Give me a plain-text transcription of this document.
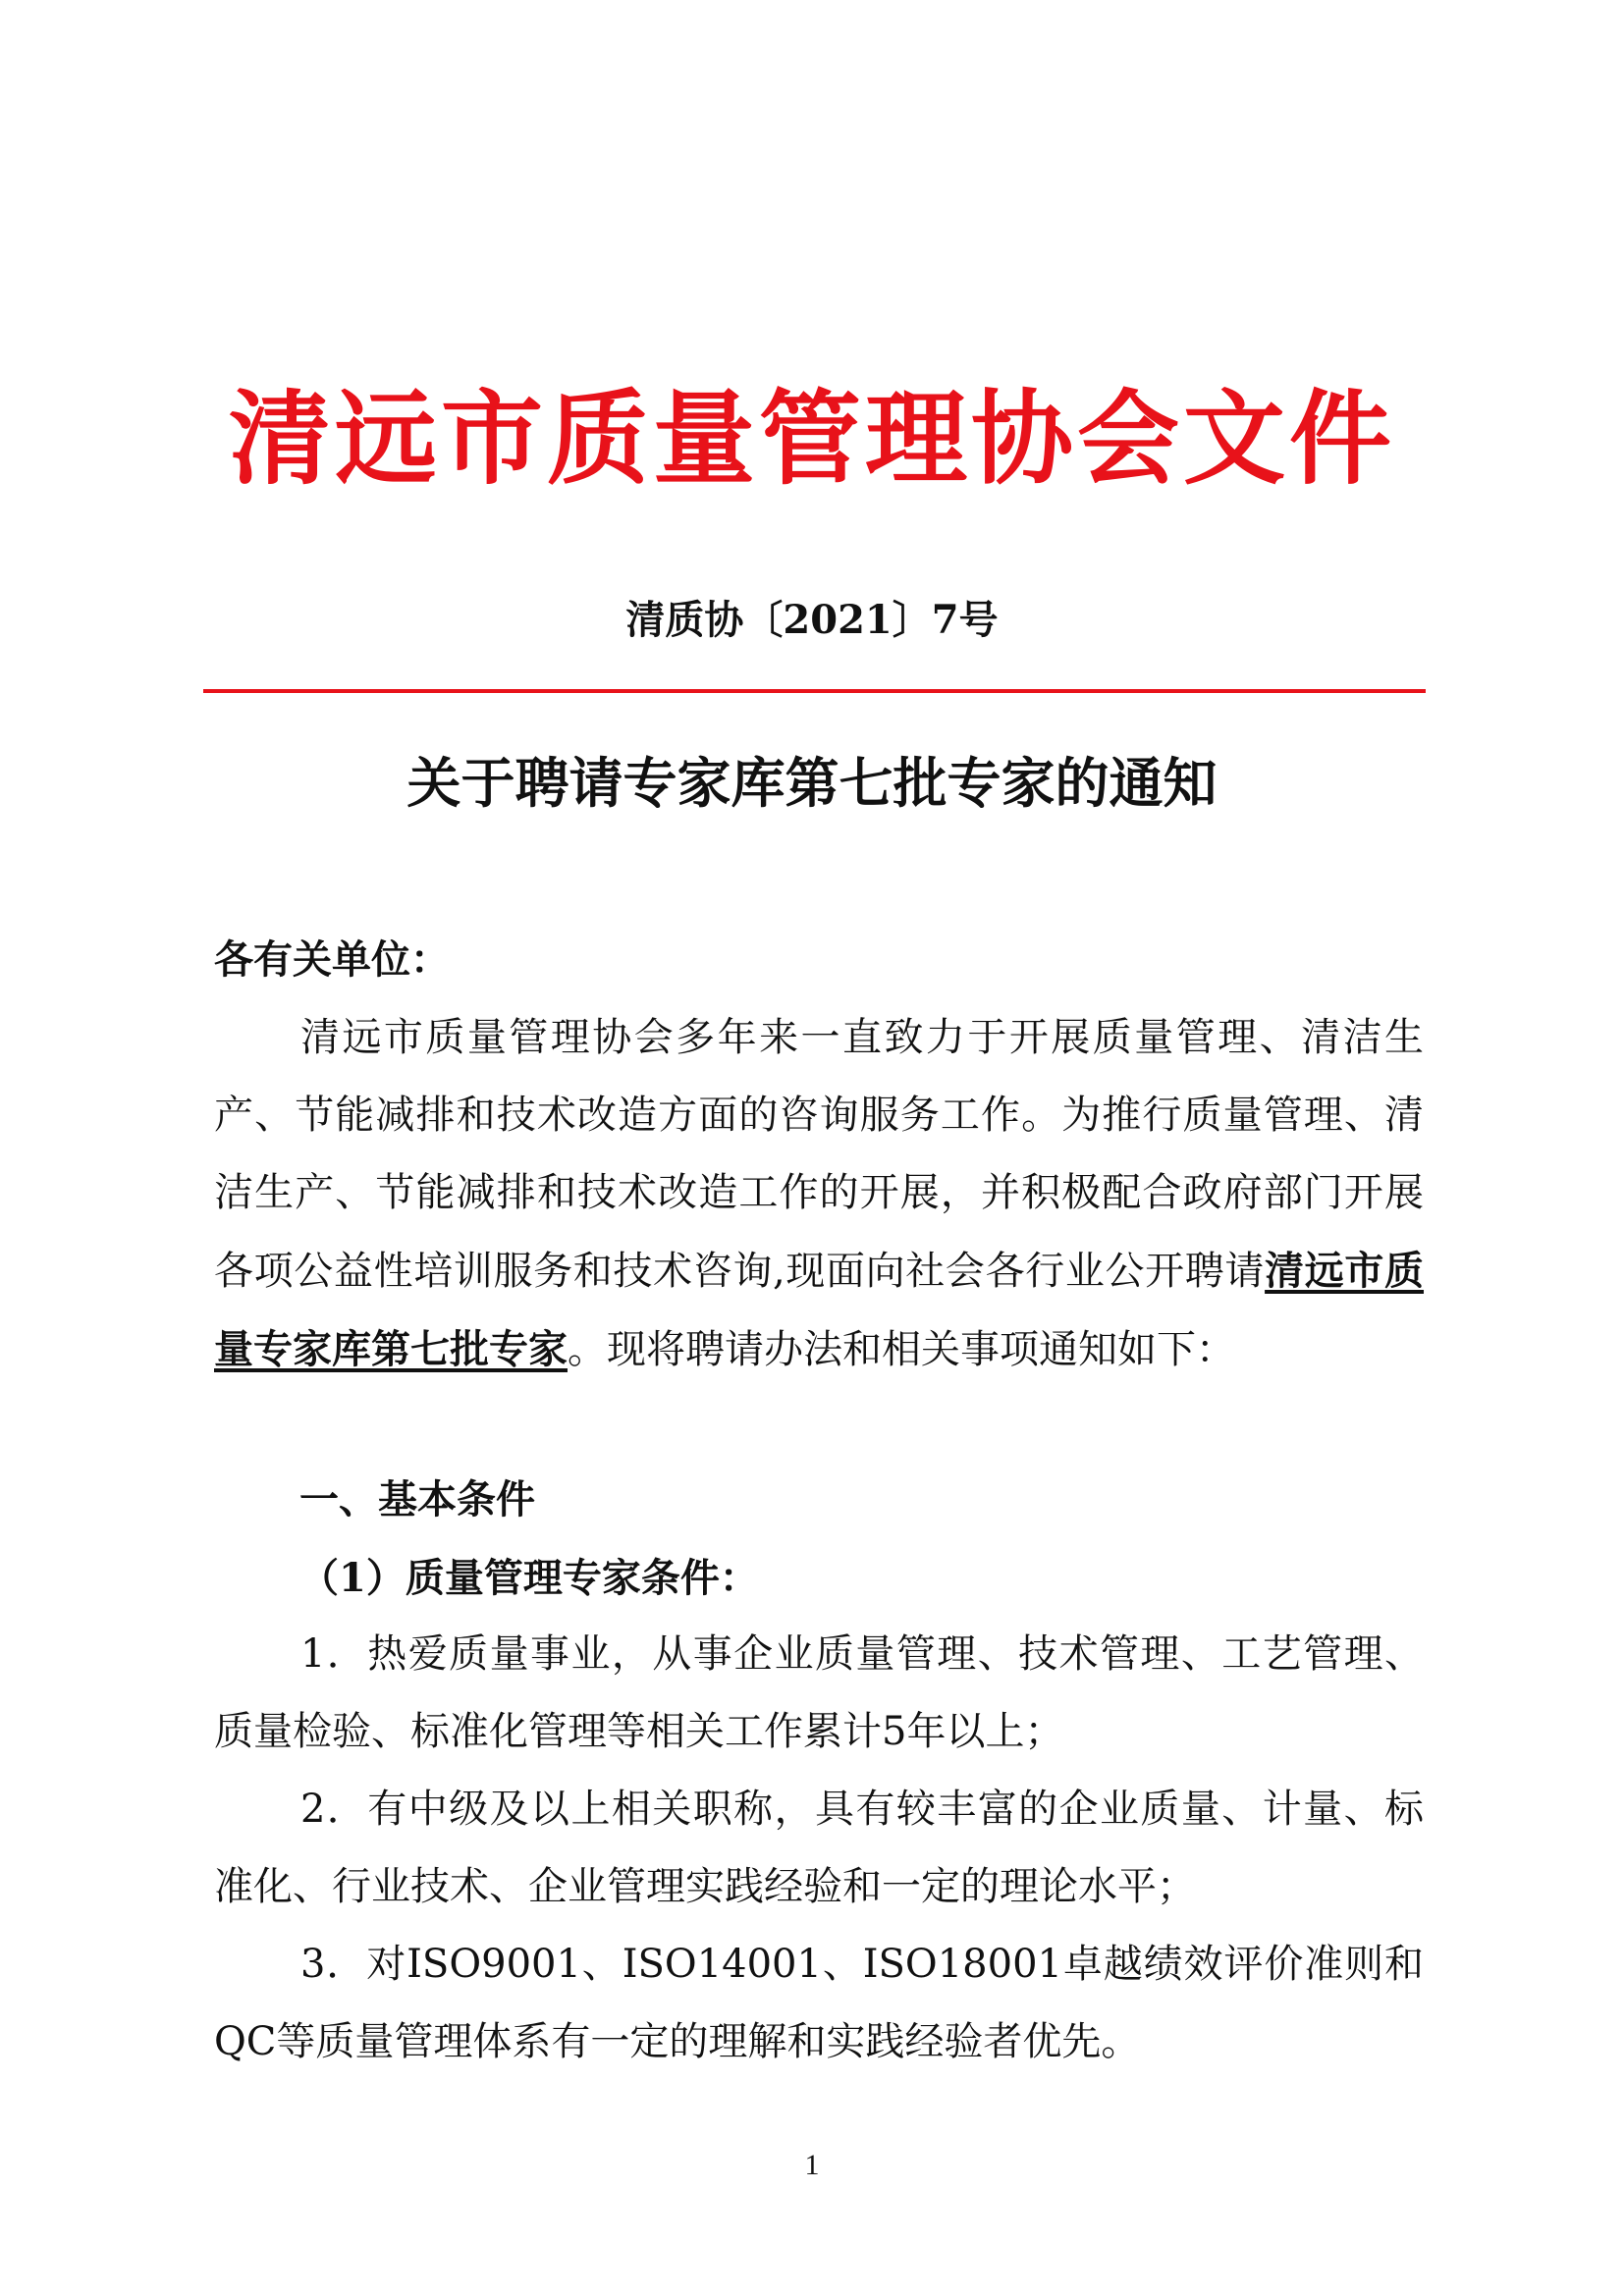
清远市质量管理协会文件
清质协〔2021〕7号
关于聘请专家库第七批专家的通知
各有关单位：
清远市质量管理协会多年来一直致力于开展质量管理、清洁生产、节能减排和技术改造方面的咨询服务工作。为推行质量管理、清洁生产、节能减排和技术改造工作的开展，并积极配合政府部门开展各项公益性培训服务和技术咨询,现面向社会各行业公开聘请清远市质量专家库第七批专家。现将聘请办法和相关事项通知如下：
一、基本条件
（1）质量管理专家条件：
1．热爱质量事业，从事企业质量管理、技术管理、工艺管理、质量检验、标准化管理等相关工作累计5年以上；
2．有中级及以上相关职称，具有较丰富的企业质量、计量、标准化、行业技术、企业管理实践经验和一定的理论水平；
3．对ISO9001、ISO14001、ISO18001卓越绩效评价准则和QC等质量管理体系有一定的理解和实践经验者优先。
1
